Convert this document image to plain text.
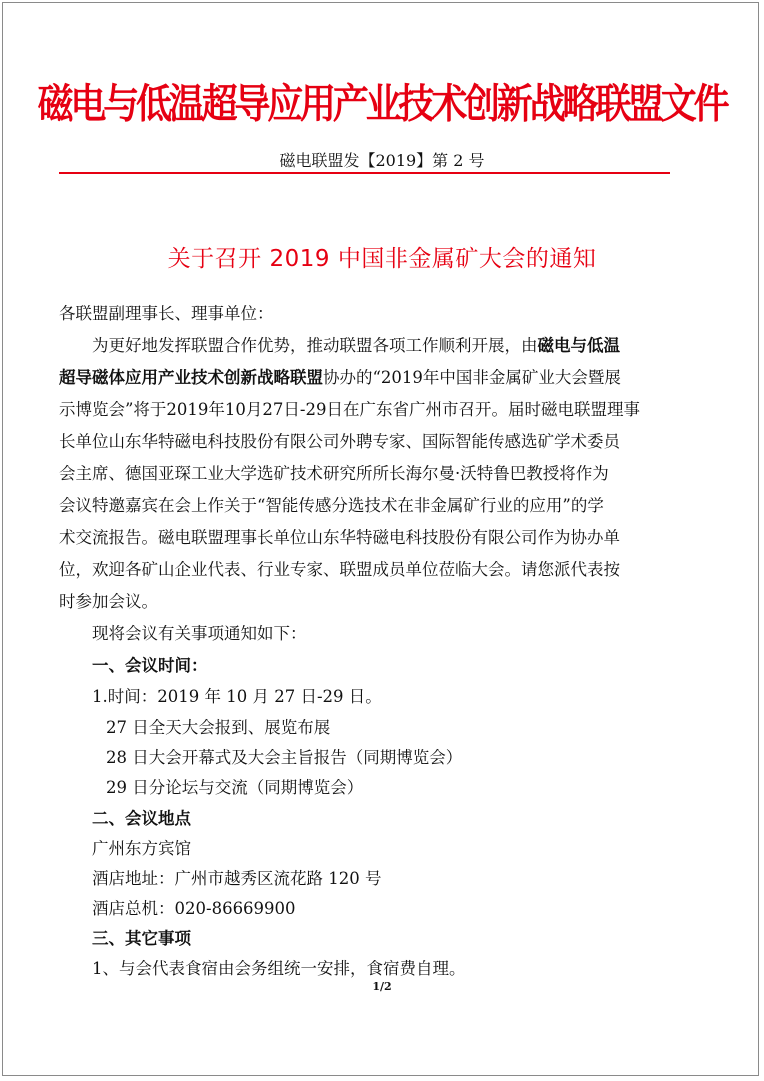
磁电与低温超导应用产业技术创新战略联盟文件
磁电联盟发【2019】第 2 号
关于召开 2019 中国非金属矿大会的通知
各联盟副理事长、理事单位：
为更好地发挥联盟合作优势，推动联盟各项工作顺利开展，由磁电与低温
超导磁体应用产业技术创新战略联盟协办的“2019年中国非金属矿业大会暨展
示博览会”将于2019年10月27日-29日在广东省广州市召开。届时磁电联盟理事
长单位山东华特磁电科技股份有限公司外聘专家、国际智能传感选矿学术委员
会主席、德国亚琛工业大学选矿技术研究所所长海尔曼·沃特鲁巴教授将作为
会议特邀嘉宾在会上作关于“智能传感分选技术在非金属矿行业的应用”的学
术交流报告。磁电联盟理事长单位山东华特磁电科技股份有限公司作为协办单
位，欢迎各矿山企业代表、行业专家、联盟成员单位莅临大会。请您派代表按
时参加会议。
现将会议有关事项通知如下：
一、会议时间：
1.时间：2019 年 10 月 27 日-29 日。
27 日全天大会报到、展览布展
28 日大会开幕式及大会主旨报告（同期博览会）
29 日分论坛与交流（同期博览会）
二、会议地点
广州东方宾馆
酒店地址：广州市越秀区流花路 120 号
酒店总机：020-86669900
三、其它事项
1、与会代表食宿由会务组统一安排，食宿费自理。
1/2
